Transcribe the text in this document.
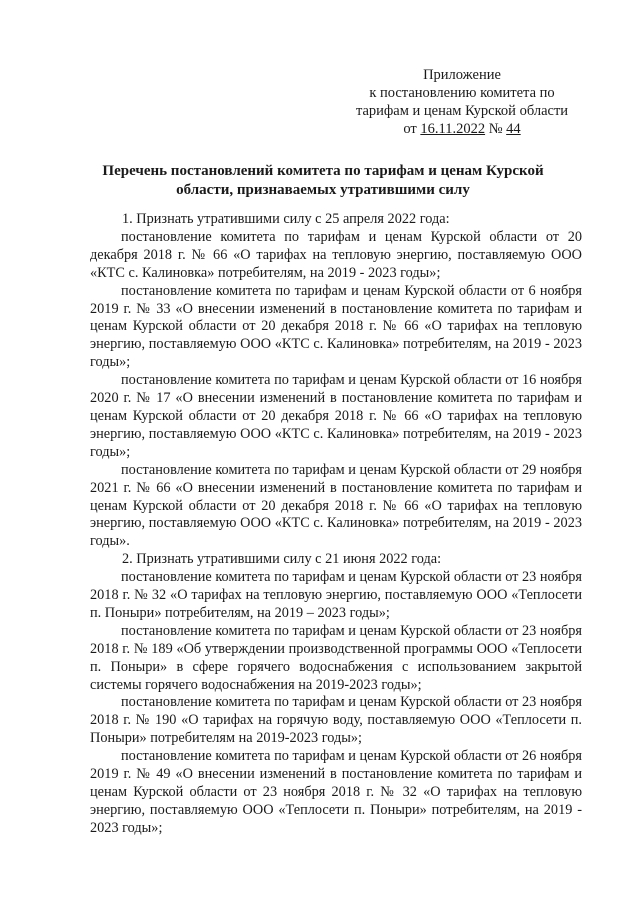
Приложение
к постановлению комитета по
тарифам и ценам Курской области
от 16.11.2022 № 44
Перечень постановлений комитета по тарифам и ценам Курской
области, признаваемых утратившими силу

1. Признать утратившими силу с 25 апреля 2022 года:

постановление комитета по тарифам и ценам Курской области от 20 декабря 2018 г. № 66 «О тарифах на тепловую энергию, поставляемую ООО «КТС с. Калиновка» потребителям, на 2019 - 2023 годы»;

постановление комитета по тарифам и ценам Курской области от 6 ноября 2019 г. № 33 «О внесении изменений в постановление комитета по тарифам и ценам Курской области от 20 декабря 2018 г. № 66 «О тарифах на тепловую энергию, поставляемую ООО «КТС с. Калиновка» потребителям, на 2019 - 2023 годы»;

постановление комитета по тарифам и ценам Курской области от 16 ноября 2020 г. № 17 «О внесении изменений в постановление комитета по тарифам и ценам Курской области от 20 декабря 2018 г. № 66 «О тарифах на тепловую энергию, поставляемую ООО «КТС с. Калиновка» потребителям, на 2019 - 2023 годы»;

постановление комитета по тарифам и ценам Курской области от 29 ноября 2021 г. № 66 «О внесении изменений в постановление комитета по тарифам и ценам Курской области от 20 декабря 2018 г. № 66 «О тарифах на тепловую энергию, поставляемую ООО «КТС с. Калиновка» потребителям, на 2019 - 2023 годы».

2. Признать утратившими силу с 21 июня 2022 года:

постановление комитета по тарифам и ценам Курской области от 23 ноября 2018 г. № 32 «О тарифах на тепловую энергию, поставляемую ООО «Теплосети п. Поныри» потребителям, на 2019 – 2023 годы»;

постановление комитета по тарифам и ценам Курской области от 23 ноября 2018 г. № 189 «Об утверждении производственной программы ООО «Теплосети п. Поныри» в сфере горячего водоснабжения с использованием закрытой системы горячего водоснабжения на 2019-2023 годы»;

постановление комитета по тарифам и ценам Курской области от 23 ноября 2018 г. № 190 «О тарифах на горячую воду, поставляемую ООО «Теплосети п. Поныри» потребителям на 2019-2023 годы»;

постановление комитета по тарифам и ценам Курской области от 26 ноября 2019 г. № 49 «О внесении изменений в постановление комитета по тарифам и ценам Курской области от 23 ноября 2018 г. № 32 «О тарифах на тепловую энергию, поставляемую ООО «Теплосети п. Поныри» потребителям, на 2019 - 2023 годы»;
